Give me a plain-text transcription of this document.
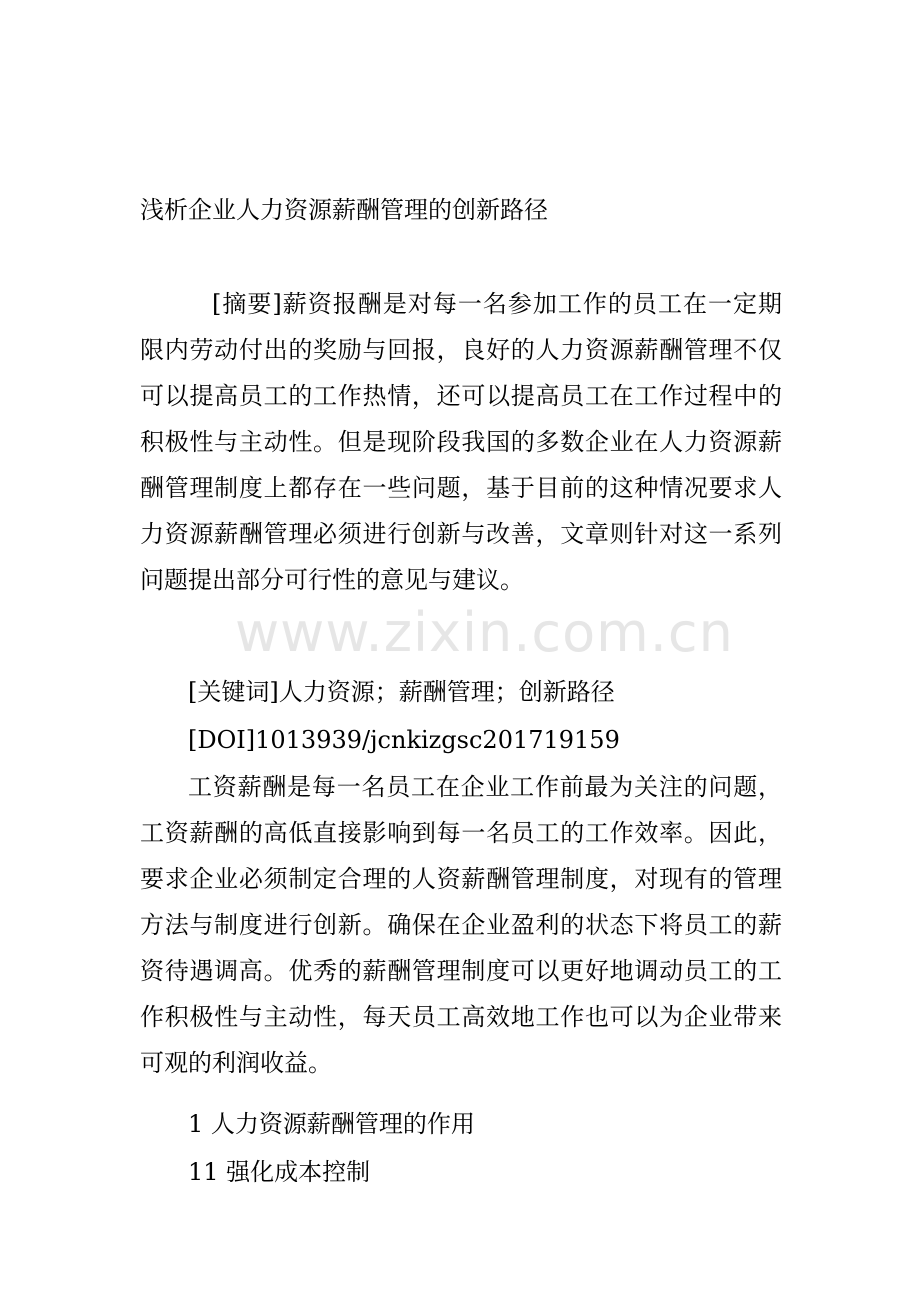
浅析企业人力资源薪酬管理的创新路径

[摘要]薪资报酬是对每一名参加工作的员工在一定期限内劳动付出的奖励与回报，良好的人力资源薪酬管理不仅可以提高员工的工作热情，还可以提高员工在工作过程中的积极性与主动性。但是现阶段我国的多数企业在人力资源薪酬管理制度上都存在一些问题，基于目前的这种情况要求人力资源薪酬管理必须进行创新与改善，文章则针对这一系列问题提出部分可行性的意见与建议。

www.zixin.com.cn

[关键词]人力资源；薪酬管理；创新路径

[DOI]1013939/jcnkizgsc201719159

工资薪酬是每一名员工在企业工作前最为关注的问题，工资薪酬的高低直接影响到每一名员工的工作效率。因此，要求企业必须制定合理的人资薪酬管理制度，对现有的管理方法与制度进行创新。确保在企业盈利的状态下将员工的薪资待遇调高。优秀的薪酬管理制度可以更好地调动员工的工作积极性与主动性，每天员工高效地工作也可以为企业带来可观的利润收益。

1 人力资源薪酬管理的作用

11 强化成本控制
